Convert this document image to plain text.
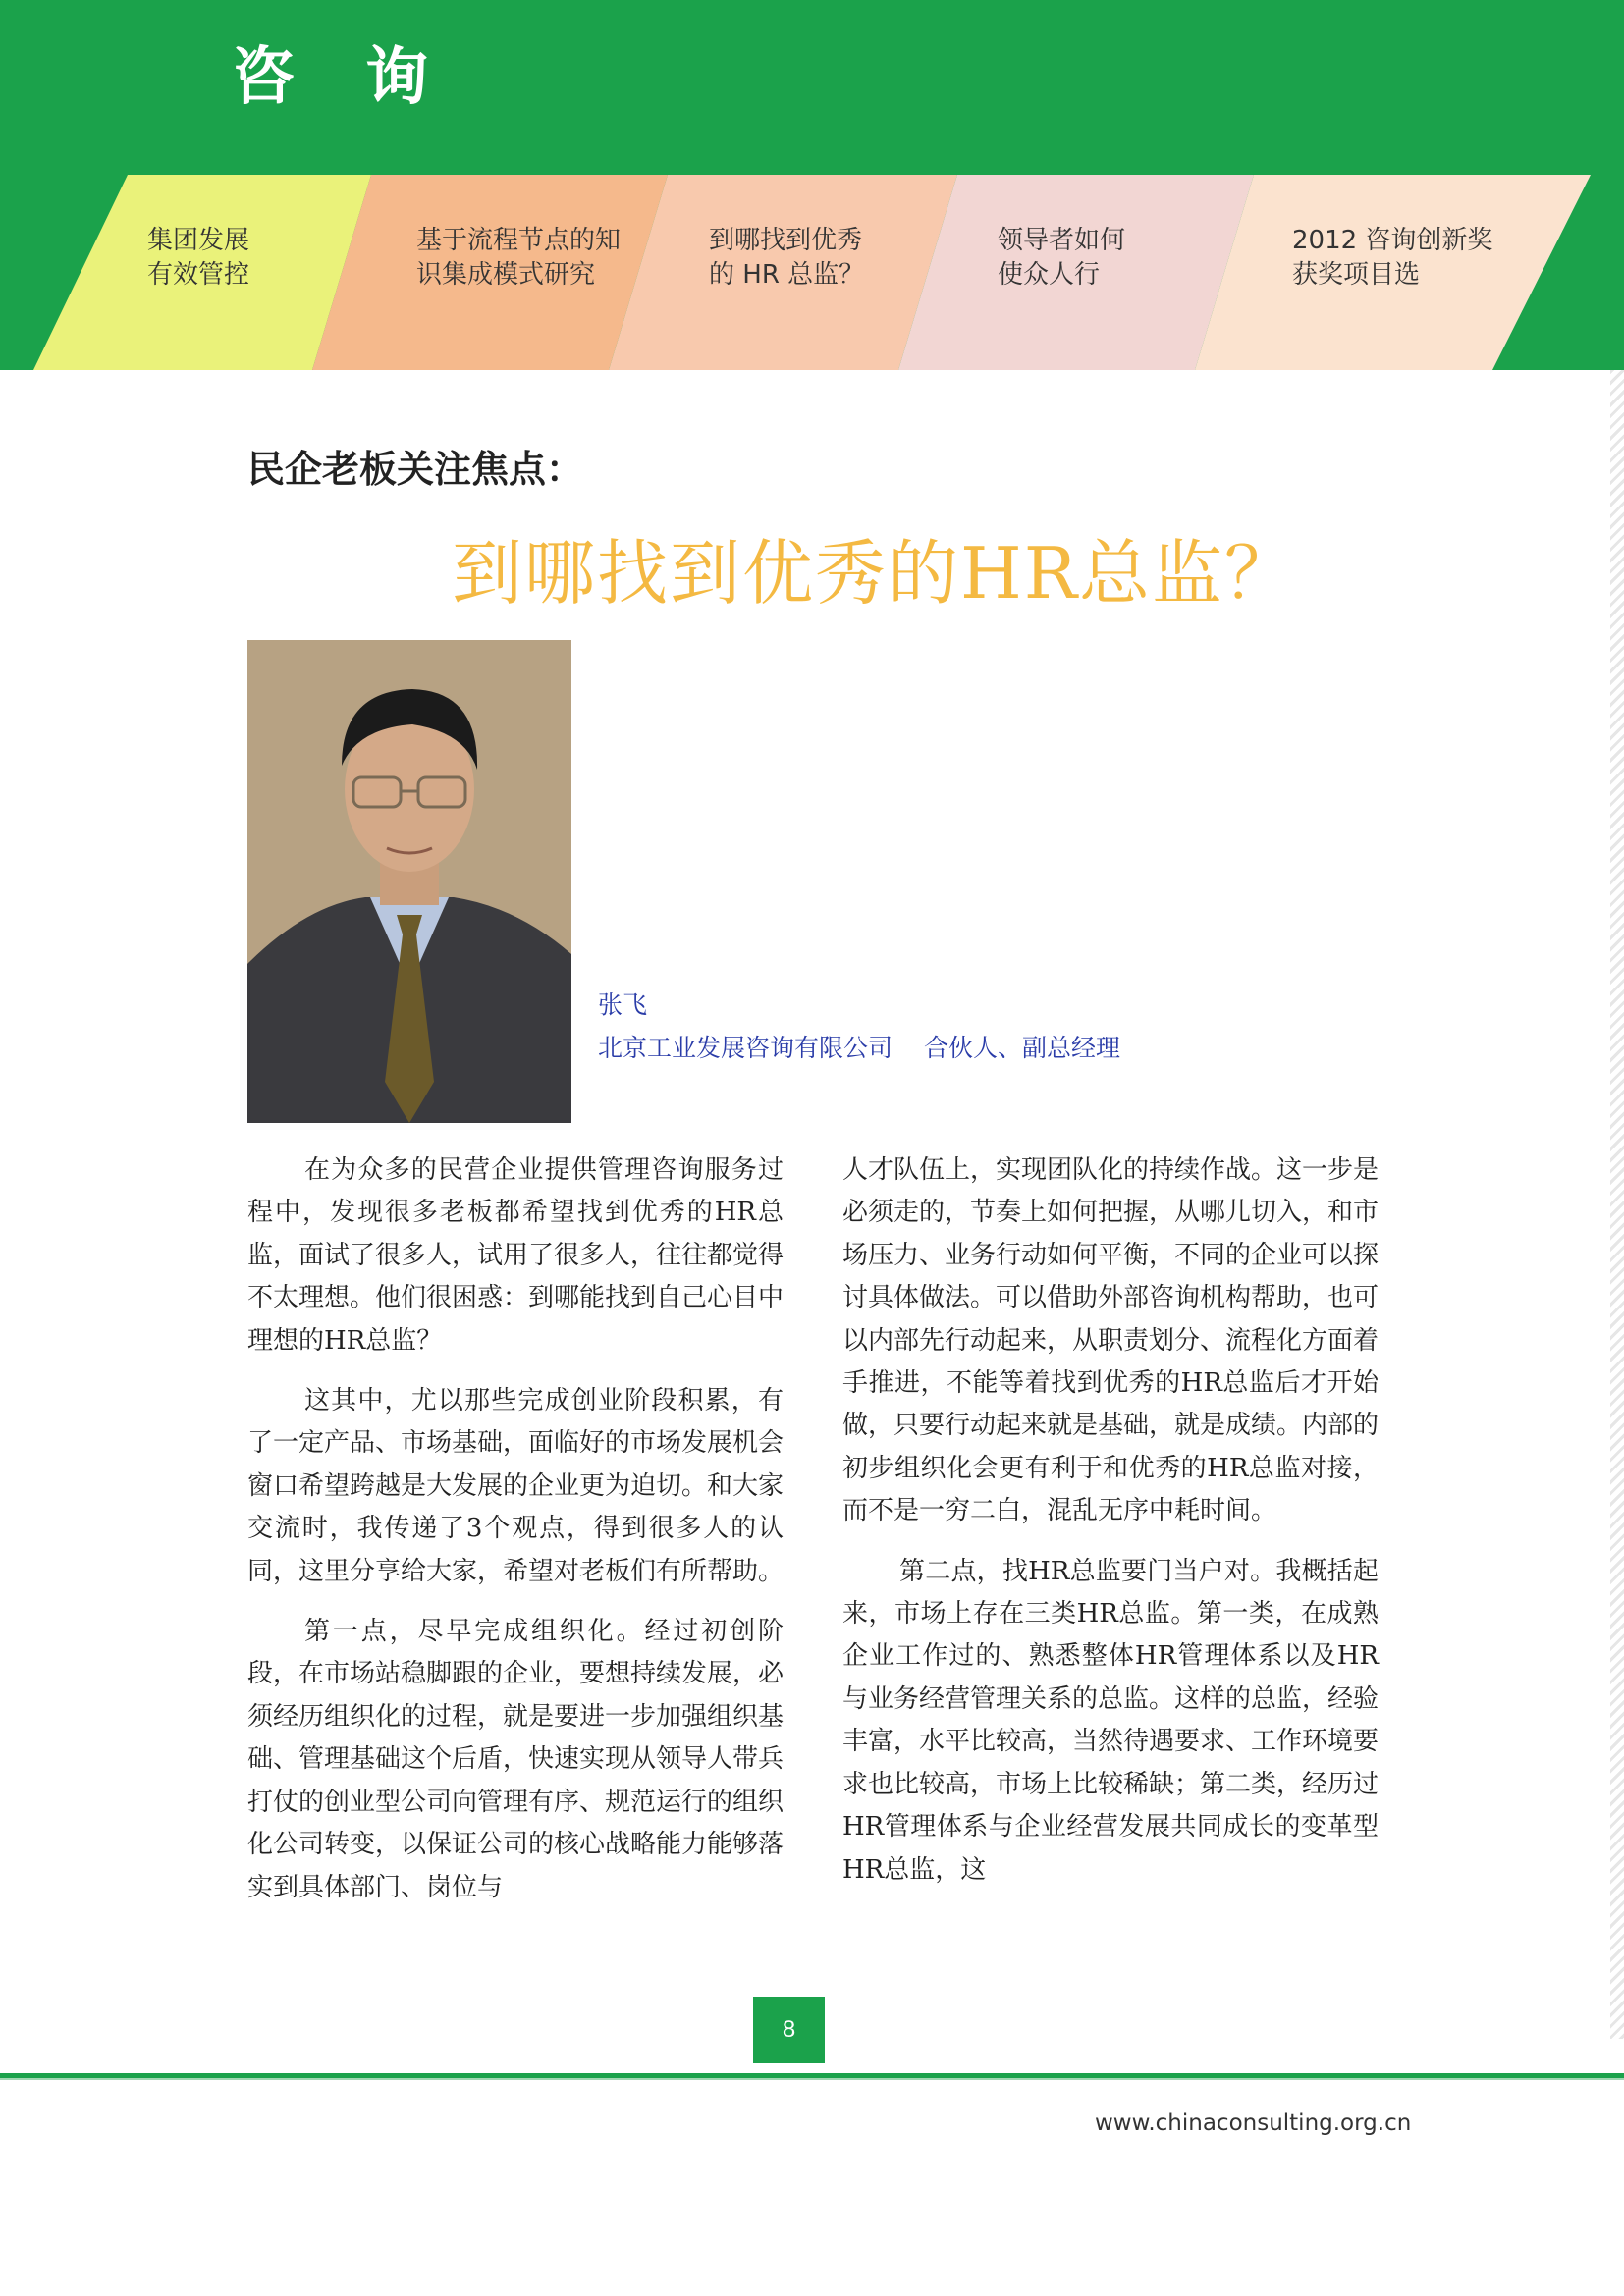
咨询
集团发展
有效管控
基于流程节点的知
识集成模式研究
到哪找到优秀
的 HR 总监？
领导者如何
使众人行
2012 咨询创新奖
获奖项目选
民企老板关注焦点：
到哪找到优秀的HR总监？
张飞
北京工业发展咨询有限公司 合伙人、副总经理

在为众多的民营企业提供管理咨询服务过程中，发现很多老板都希望找到优秀的HR总监，面试了很多人，试用了很多人，往往都觉得不太理想。他们很困惑：到哪能找到自己心目中理想的HR总监？

这其中，尤以那些完成创业阶段积累，有了一定产品、市场基础，面临好的市场发展机会窗口希望跨越是大发展的企业更为迫切。和大家交流时，我传递了3个观点，得到很多人的认同，这里分享给大家，希望对老板们有所帮助。

第一点，尽早完成组织化。经过初创阶段，在市场站稳脚跟的企业，要想持续发展，必须经历组织化的过程，就是要进一步加强组织基础、管理基础这个后盾，快速实现从领导人带兵打仗的创业型公司向管理有序、规范运行的组织化公司转变，以保证公司的核心战略能力能够落实到具体部门、岗位与

人才队伍上，实现团队化的持续作战。这一步是必须走的，节奏上如何把握，从哪儿切入，和市场压力、业务行动如何平衡，不同的企业可以探讨具体做法。可以借助外部咨询机构帮助，也可以内部先行动起来，从职责划分、流程化方面着手推进，不能等着找到优秀的HR总监后才开始做，只要行动起来就是基础，就是成绩。内部的初步组织化会更有利于和优秀的HR总监对接，而不是一穷二白，混乱无序中耗时间。

第二点，找HR总监要门当户对。我概括起来，市场上存在三类HR总监。第一类，在成熟企业工作过的、熟悉整体HR管理体系以及HR与业务经营管理关系的总监。这样的总监，经验丰富，水平比较高，当然待遇要求、工作环境要求也比较高，市场上比较稀缺；第二类，经历过HR管理体系与企业经营发展共同成长的变革型HR总监，这

8
www.chinaconsulting.org.cn
